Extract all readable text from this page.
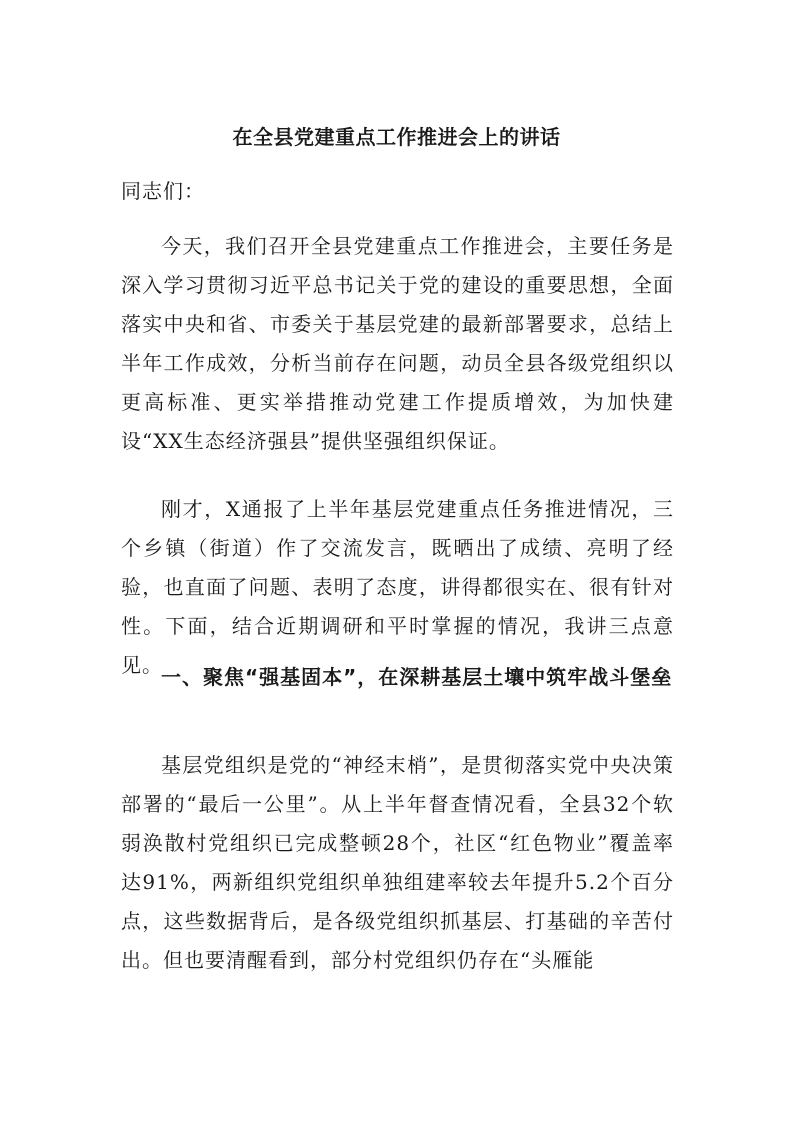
在全县党建重点工作推进会上的讲话
同志们：
今天，我们召开全县党建重点工作推进会，主要任务是深入学习贯彻习近平总书记关于党的建设的重要思想，全面落实中央和省、市委关于基层党建的最新部署要求，总结上半年工作成效，分析当前存在问题，动员全县各级党组织以更高标准、更实举措推动党建工作提质增效，为加快建设“XX生态经济强县”提供坚强组织保证。
刚才，X通报了上半年基层党建重点任务推进情况，三个乡镇（街道）作了交流发言，既晒出了成绩、亮明了经验，也直面了问题、表明了态度，讲得都很实在、很有针对性。下面，结合近期调研和平时掌握的情况，我讲三点意见。
一、聚焦“强基固本”，在深耕基层土壤中筑牢战斗堡垒
基层党组织是党的“神经末梢”，是贯彻落实党中央决策部署的“最后一公里”。从上半年督查情况看，全县32个软弱涣散村党组织已完成整顿28个，社区“红色物业”覆盖率达91%，两新组织党组织单独组建率较去年提升5.2个百分点，这些数据背后，是各级党组织抓基层、打基础的辛苦付出。但也要清醒看到，部分村党组织仍存在“头雁能
